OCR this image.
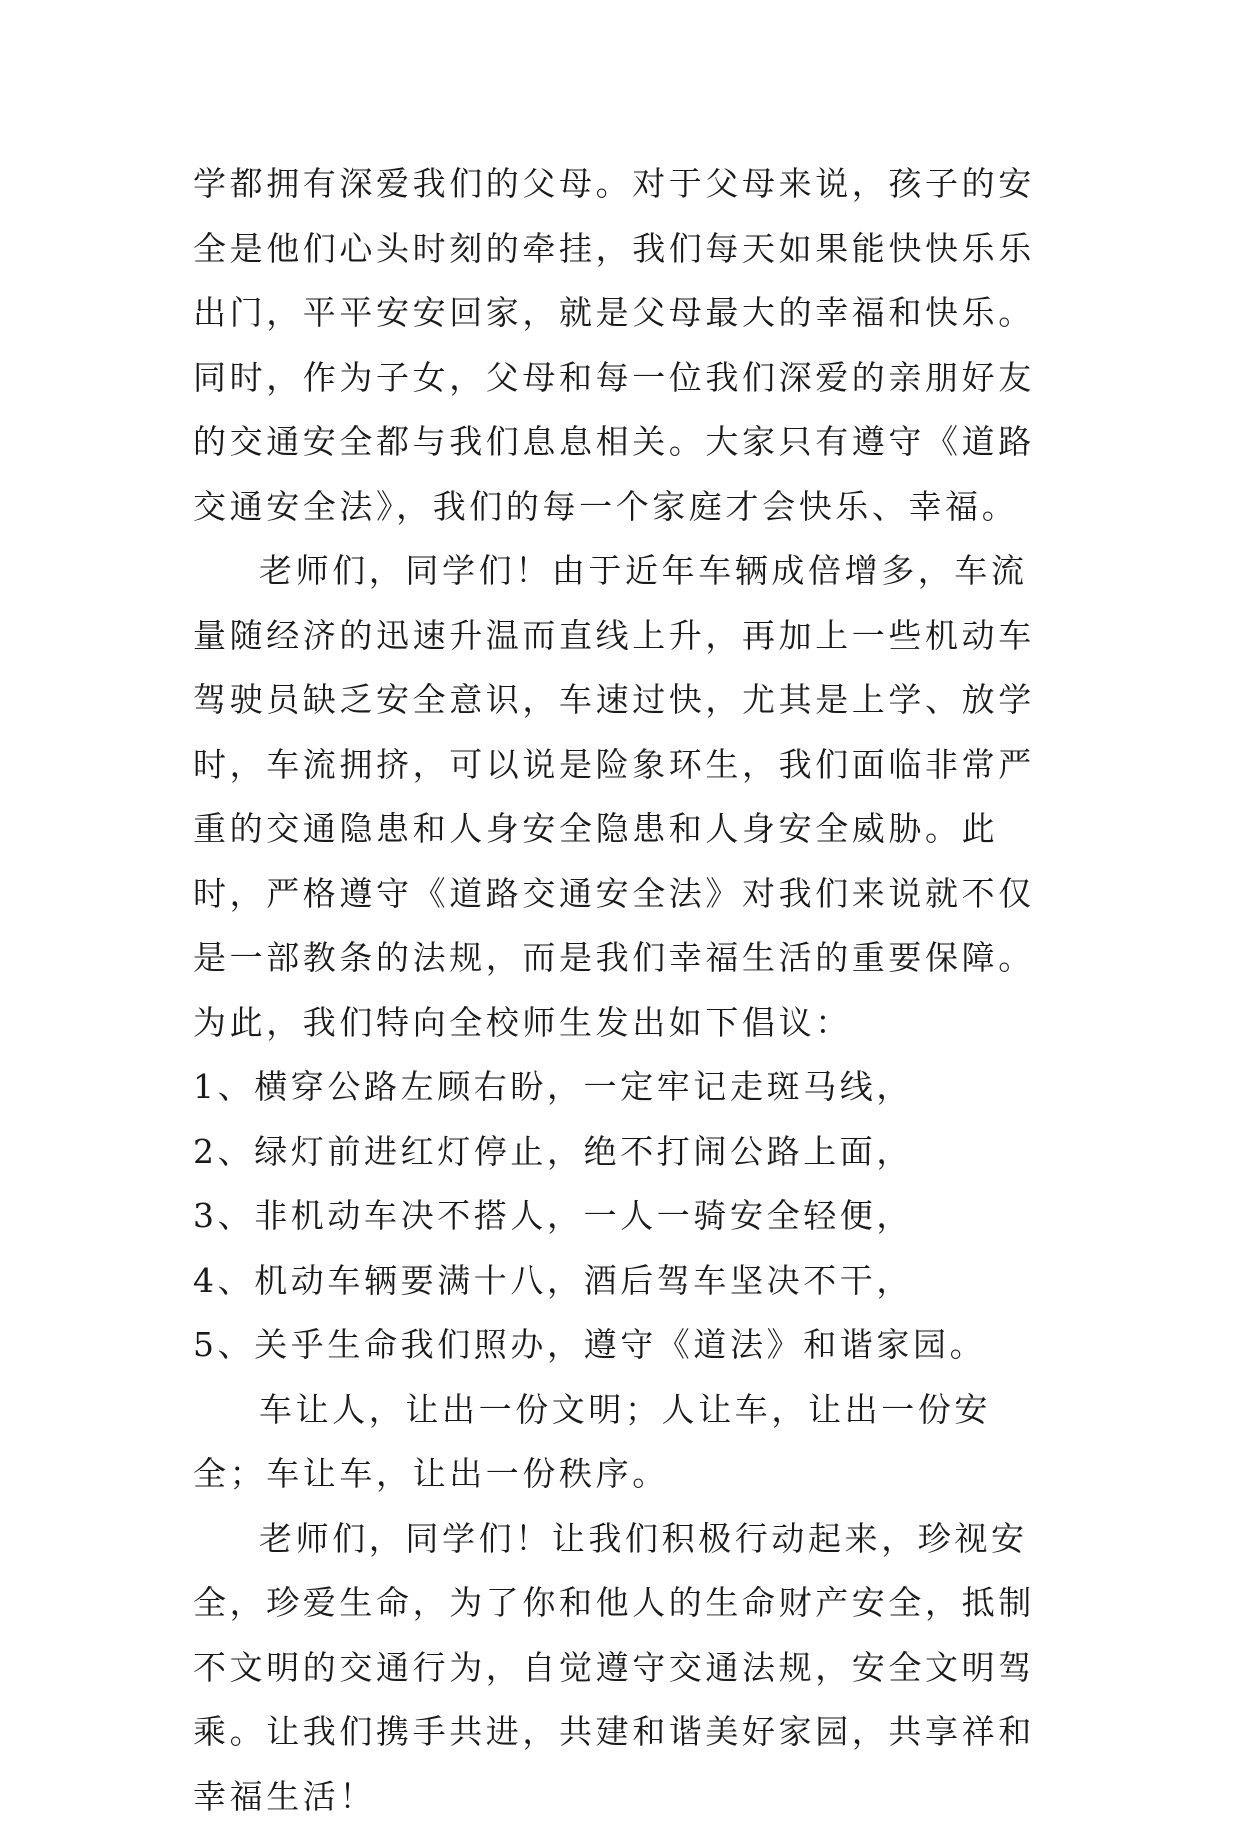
学都拥有深爱我们的父母。对于父母来说，孩子的安全是他们心头时刻的牵挂，我们每天如果能快快乐乐出门，平平安安回家，就是父母最大的幸福和快乐。同时，作为子女，父母和每一位我们深爱的亲朋好友的交通安全都与我们息息相关。大家只有遵守《道路交通安全法》，我们的每一个家庭才会快乐、幸福。

老师们，同学们！由于近年车辆成倍增多，车流量随经济的迅速升温而直线上升，再加上一些机动车驾驶员缺乏安全意识，车速过快，尤其是上学、放学时，车流拥挤，可以说是险象环生，我们面临非常严重的交通隐患和人身安全隐患和人身安全威胁。此时，严格遵守《道路交通安全法》对我们来说就不仅是一部教条的法规，而是我们幸福生活的重要保障。为此，我们特向全校师生发出如下倡议：

1、横穿公路左顾右盼，一定牢记走斑马线，

2、绿灯前进红灯停止，绝不打闹公路上面，

3、非机动车决不搭人，一人一骑安全轻便，

4、机动车辆要满十八，酒后驾车坚决不干，

5、关乎生命我们照办，遵守《道法》和谐家园。

车让人，让出一份文明；人让车，让出一份安全；车让车，让出一份秩序。

老师们，同学们！让我们积极行动起来，珍视安全，珍爱生命，为了你和他人的生命财产安全，抵制不文明的交通行为，自觉遵守交通法规，安全文明驾乘。让我们携手共进，共建和谐美好家园，共享祥和幸福生活！
